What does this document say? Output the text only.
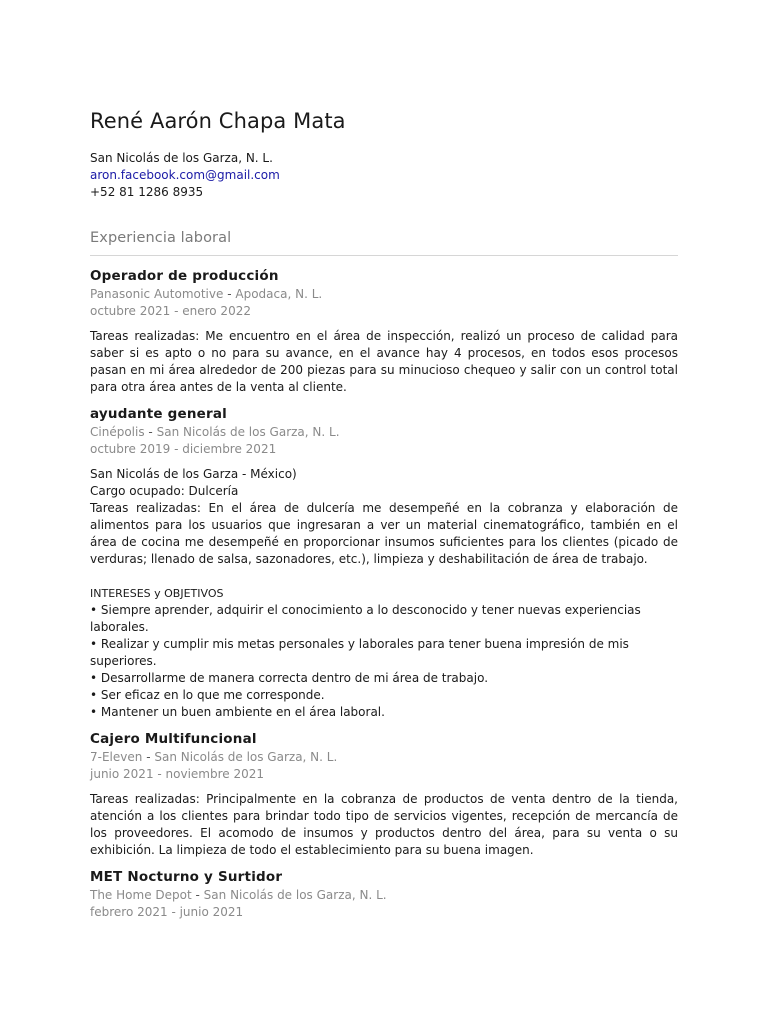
René Aarón Chapa Mata

San Nicolás de los Garza, N. L.

aron.facebook.com@gmail.com

+52 81 1286 8935

Experiencia laboral

Operador de producción

Panasonic Automotive - Apodaca, N. L.

octubre 2021 - enero 2022

Tareas realizadas: Me encuentro en el área de inspección, realizó un proceso de calidad para saber si es apto o no para su avance, en el avance hay 4 procesos, en todos esos procesos pasan en mi área alrededor de 200 piezas para su minucioso chequeo y salir con un control total para otra área antes de la venta al cliente.

ayudante general

Cinépolis - San Nicolás de los Garza, N. L.

octubre 2019 - diciembre 2021

San Nicolás de los Garza - México)

Cargo ocupado: Dulcería

Tareas realizadas: En el área de dulcería me desempeñé en la cobranza y elaboración de alimentos para los usuarios que ingresaran a ver un material cinematográfico, también en el área de cocina me desempeñé en proporcionar insumos suficientes para los clientes (picado de verduras; llenado de salsa, sazonadores, etc.), limpieza y deshabilitación de área de trabajo.

INTERESES y OBJETIVOS

• Siempre aprender, adquirir el conocimiento a lo desconocido y tener nuevas experiencias laborales.

• Realizar y cumplir mis metas personales y laborales para tener buena impresión de mis superiores.

• Desarrollarme de manera correcta dentro de mi área de trabajo.

• Ser eficaz en lo que me corresponde.

• Mantener un buen ambiente en el área laboral.

Cajero Multifuncional

7-Eleven - San Nicolás de los Garza, N. L.

junio 2021 - noviembre 2021

Tareas realizadas: Principalmente en la cobranza de productos de venta dentro de la tienda, atención a los clientes para brindar todo tipo de servicios vigentes, recepción de mercancía de los proveedores. El acomodo de insumos y productos dentro del área, para su venta o su exhibición. La limpieza de todo el establecimiento para su buena imagen.

MET Nocturno y Surtidor

The Home Depot - San Nicolás de los Garza, N. L.

febrero 2021 - junio 2021
